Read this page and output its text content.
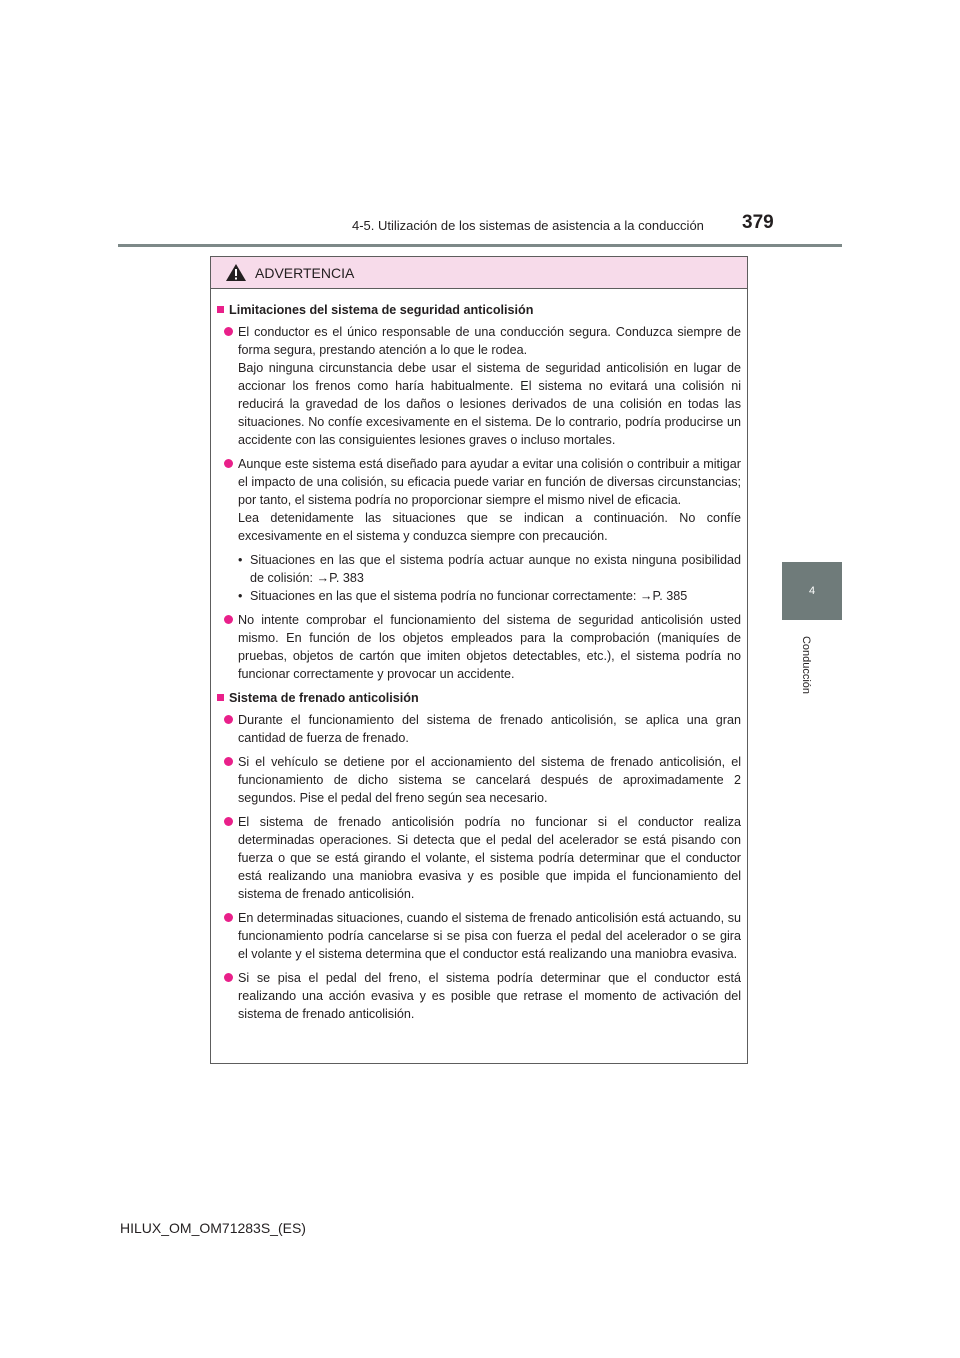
4-5. Utilización de los sistemas de asistencia a la conducción 379
4
Conducción
ADVERTENCIA
Limitaciones del sistema de seguridad anticolisión

El conductor es el único responsable de una conducción segura. Conduzca siempre de forma segura, prestando atención a lo que le rodea.

Bajo ninguna circunstancia debe usar el sistema de seguridad anticolisión en lugar de accionar los frenos como haría habitualmente. El sistema no evitará una colisión ni reducirá la gravedad de los daños o lesiones derivados de una colisión en todas las situaciones. No confíe excesivamente en el sistema. De lo contrario, podría producirse un accidente con las consiguientes lesiones graves o incluso mortales.

Aunque este sistema está diseñado para ayudar a evitar una colisión o contribuir a mitigar el impacto de una colisión, su eficacia puede variar en función de diversas circunstancias; por tanto, el sistema podría no proporcionar siempre el mismo nivel de eficacia.

Lea detenidamente las situaciones que se indican a continuación. No confíe excesivamente en el sistema y conduzca siempre con precaución.

• Situaciones en las que el sistema podría actuar aunque no exista ninguna posibilidad de colisión: →P. 383
• Situaciones en las que el sistema podría no funcionar correctamente: →P. 385

No intente comprobar el funcionamiento del sistema de seguridad anticolisión usted mismo. En función de los objetos empleados para la comprobación (maniquíes de pruebas, objetos de cartón que imiten objetos detectables, etc.), el sistema podría no funcionar correctamente y provocar un accidente.

Sistema de frenado anticolisión

Durante el funcionamiento del sistema de frenado anticolisión, se aplica una gran cantidad de fuerza de frenado.

Si el vehículo se detiene por el accionamiento del sistema de frenado anticolisión, el funcionamiento de dicho sistema se cancelará después de aproximadamente 2 segundos. Pise el pedal del freno según sea necesario.

El sistema de frenado anticolisión podría no funcionar si el conductor realiza determinadas operaciones. Si detecta que el pedal del acelerador se está pisando con fuerza o que se está girando el volante, el sistema podría determinar que el conductor está realizando una maniobra evasiva y es posible que impida el funcionamiento del sistema de frenado anticolisión.

En determinadas situaciones, cuando el sistema de frenado anticolisión está actuando, su funcionamiento podría cancelarse si se pisa con fuerza el pedal del acelerador o se gira el volante y el sistema determina que el conductor está realizando una maniobra evasiva.

Si se pisa el pedal del freno, el sistema podría determinar que el conductor está realizando una acción evasiva y es posible que retrase el momento de activación del sistema de frenado anticolisión.

HILUX_OM_OM71283S_(ES)
